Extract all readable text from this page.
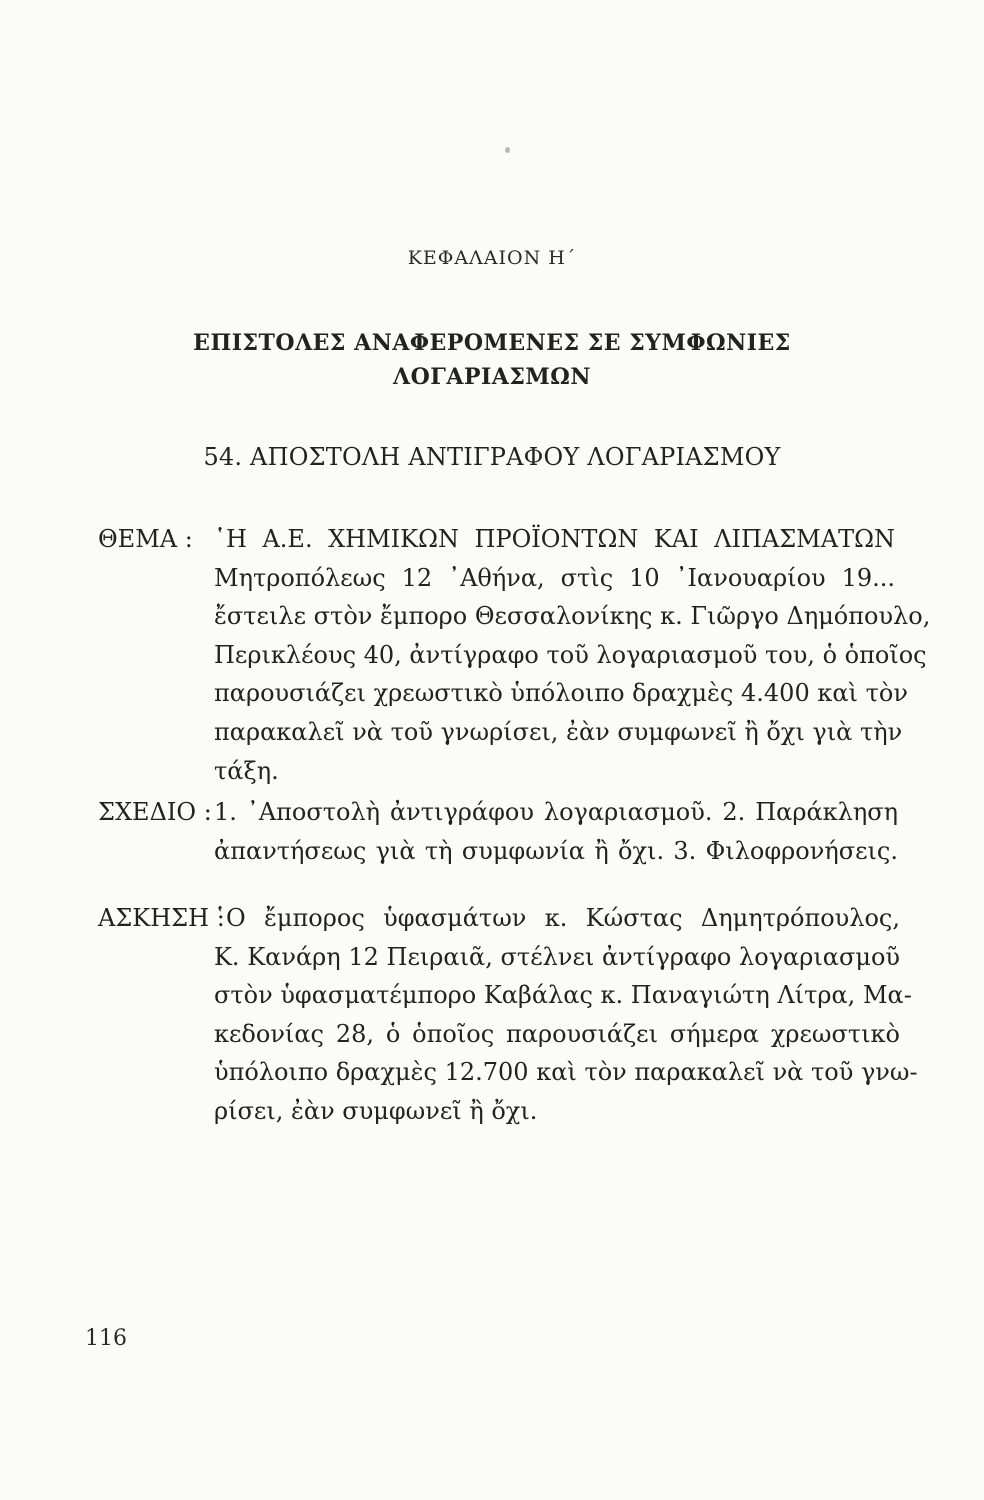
ΚΕΦΑΛΑΙΟΝ Η΄
ΕΠΙΣΤΟΛΕΣ ΑΝΑΦΕΡΟΜΕΝΕΣ ΣΕ ΣΥΜΦΩΝΙΕΣ
ΛΟΓΑΡΙΑΣΜΩΝ
54. ΑΠΟΣΤΟΛΗ ΑΝΤΙΓΡΑΦΟΥ ΛΟΓΑΡΙΑΣΜΟΥ
ΘΕΜΑ : ῾Η Α.Ε. ΧΗΜΙΚΩΝ ΠΡΟΪΟΝΤΩΝ ΚΑΙ ΛΙΠΑΣΜΑΤΩΝ
Μητροπόλεως 12 ᾿Αθήνα, στὶς 10 ᾿Ιανουαρίου 19...
ἔστειλε στὸν ἔμπορο Θεσσαλονίκης κ. Γιῶργο Δημόπουλο,
Περικλέους 40, ἀντίγραφο τοῦ λογαριασμοῦ του, ὁ ὁποῖος
παρουσιάζει χρεωστικὸ ὑπόλοιπο δραχμὲς 4.400 καὶ τὸν
παρακαλεῖ νὰ τοῦ γνωρίσει, ἐὰν συμφωνεῖ ἢ ὄχι γιὰ τὴν
τάξη.
ΣΧΕΔΙΟ : 1. ᾿Αποστολὴ ἀντιγράφου λογαριασμοῦ. 2. Παράκληση
ἀπαντήσεως γιὰ τὴ συμφωνία ἢ ὄχι. 3. Φιλοφρονήσεις.
ΑΣΚΗΣΗ :
῾Ο ἔμπορος ὑφασμάτων κ. Κώστας Δημητρόπουλος,
Κ. Κανάρη 12 Πειραιᾶ, στέλνει ἀντίγραφο λογαριασμοῦ
στὸν ὑφασματέμπορο Καβάλας κ. Παναγιώτη Λίτρα, Μα-
κεδονίας 28, ὁ ὁποῖος παρουσιάζει σήμερα χρεωστικὸ
ὑπόλοιπο δραχμὲς 12.700 καὶ τὸν παρακαλεῖ νὰ τοῦ γνω-
ρίσει, ἐὰν συμφωνεῖ ἢ ὄχι.
116
